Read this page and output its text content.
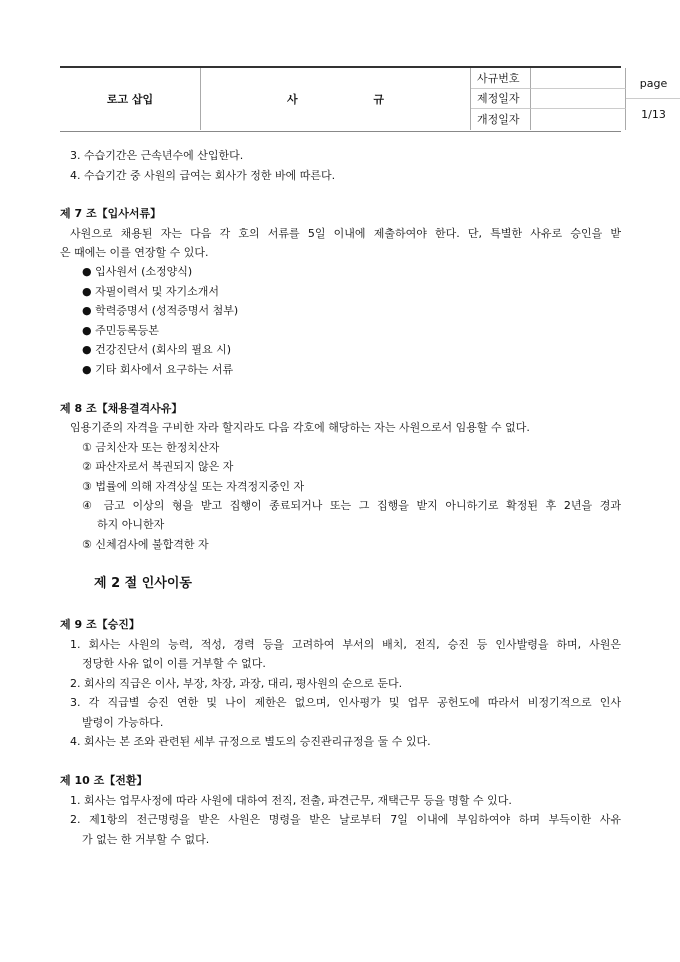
로고 삽입	사 규
사규번호
제정일자
개정일자
page
1/13
3. 수습기간은 근속년수에 산입한다.
4. 수습기간 중 사원의 급여는 회사가 정한 바에 따른다.
제 7 조【입사서류】
사원으로 채용된 자는 다음 각 호의 서류를 5일 이내에 제출하여야 한다. 단, 특별한 사유로 승인을 받
은 때에는 이를 연장할 수 있다.
● 입사원서 (소정양식)
● 자필이력서 및 자기소개서
● 학력증명서 (성적증명서 첨부)
● 주민등록등본
● 건강진단서 (회사의 필요 시)
● 기타 회사에서 요구하는 서류
제 8 조【채용결격사유】
임용기준의 자격을 구비한 자라 할지라도 다음 각호에 해당하는 자는 사원으로서 임용할 수 없다.
① 금치산자 또는 한정치산자
② 파산자로서 복권되지 않은 자
③ 법률에 의해 자격상실 또는 자격정지중인 자
④ 금고 이상의 형을 받고 집행이 종료되거나 또는 그 집행을 받지 아니하기로 확정된 후 2년을 경과
하지 아니한자
⑤ 신체검사에 불합격한 자
제 2 절 인사이동
제 9 조【승진】
1. 회사는 사원의 능력, 적성, 경력 등을 고려하여 부서의 배치, 전직, 승진 등 인사발령을 하며, 사원은
정당한 사유 없이 이를 거부할 수 없다.
2. 회사의 직급은 이사, 부장, 차장, 과장, 대리, 평사원의 순으로 둔다.
3. 각 직급별 승진 연한 및 나이 제한은 없으며, 인사평가 및 업무 공헌도에 따라서 비정기적으로 인사
발령이 가능하다.
4. 회사는 본 조와 관련된 세부 규정으로 별도의 승진관리규정을 둘 수 있다.
제 10 조【전환】
1. 회사는 업무사정에 따라 사원에 대하여 전직, 전출, 파견근무, 재택근무 등을 명할 수 있다.
2. 제1항의 전근명령을 받은 사원은 명령을 받은 날로부터 7일 이내에 부임하여야 하며 부득이한 사유
가 없는 한 거부할 수 없다.
